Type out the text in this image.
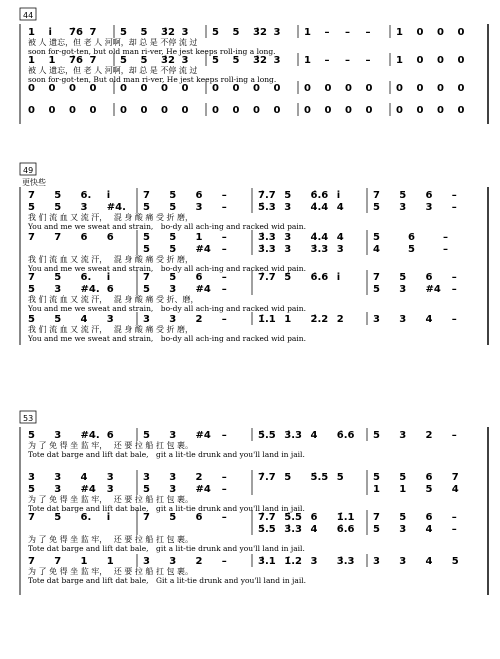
44
1 i 7̇6 7 5 5 3̇2 3 5 5 3̇2 3 1 – – –	1 0 0 0
被 人 遗忘，但 老 人 河啊，却 总 是 不停 流 过
soon for-got-ten, but old man ri-ver, He jest keeps roll-ing a long.
1 1 7̇6 7 5 5 3̇2 3 5 5 3̇2 3 1 – – –	1 0 0 0
被 人 遗忘，但 老 人 河啊，却 总 是 不停 流 过
soon for-got-ten, But old man ri-ver, He jest keeps roll-ing a long.
0 0 0 0 0 0 0 0 0 0 0 0 0 0 0 0 0 0 0 0
0 0 0 0 0 0 0 0 0 0 0 0 0 0 0 0 0 0 0 0
49
更快些
7 5 6. i	7 5 6 –	7̇.7 5 6̇.6 i	7 5 6 –
5 5 3 #4. 5 5 3 –	5̇.3 3 4̇.4 4	5 3 3 –
我 们 流 血 又 流 汗，　 混 身 酸 痛 受 折 磨，
You and me we sweat and strain,　bo-dy all ach-ing and racked wid pain.
7 7 6 6	5 5 1 –	3̇.3 3 4̇.4 4	5	6	–
5 5 #4 –	3̇.3 3 3̇.3 3	4	5	–
我 们 流 血 又 流 汗，　 混 身 酸 痛 受 折 磨，
You and me we sweat and strain,　bo-dy all ach-ing and racked wid pain.
7 5 6. i	7 5 6 –	7̇.7 5 6̇.6 i	7 5 6 –
5 3 #4. 6	5 3 #4 –	5 3 #4 –
我 们 流 血 又 流 汗，　 混 身 酸 痛 受 折、磨，
You and me we sweat and strain,　bo-dy all ach-ing and racked wid pain.
5 5 4 3	3 3 2 –	1̇.1 1 2̇.2 2	3 3 4 –
我 们 流 血 又 流 汗，　 混 身 酸 痛 受 折 磨，
You and me we sweat and strain,　bo-dy all ach-ing and racked wid pain.
53
5 3 #4. 6	5 3 #4 –	5̇.5 3̇.3 4 6̇.6 5 3 2 –
为 了 免 得 坐 监 牢，　 还 要 拉 船 扛 包 裹。
Tote dat barge and lift dat bale,　git a lit-tle drunk and you'll land in jail.
3 3 4 3	3 3 2 –	7̇.7 5 5̇.5 5	5 5 6 7
5 3 #4 3	5 3 #4 –	1 1 5 4
为 了 免 得 坐 监 牢，　 还 要 拉 船 扛 包 裹。
Tote dat barge and lift dat bale,　git a lit-tie drunk and you'll land in jail.
7 5 6. i	7 5 6 –	7̇.7 5̇.5 6 1̇.1 7 5 6 –
5̇.5 3̇.3 4 6̇.6 5 3 4 –
为 了 免 得 坐 监 牢，　 还 要 拉 船 扛 包 裹。
Tote dat barge and lift dat bale,　git a lit-tie drunk and you'll land in jail.
7 7 1 1	3 3 2 –	3̇.1 1̇.2 3 3̇.3 3 3 4 5
为 了 免 得 坐 监 牢，　 还 要 拉 船 扛 包 裹。
Tote dat barge and lift dat bale,　Git a lit-tie drunk and you'll land in jail.
